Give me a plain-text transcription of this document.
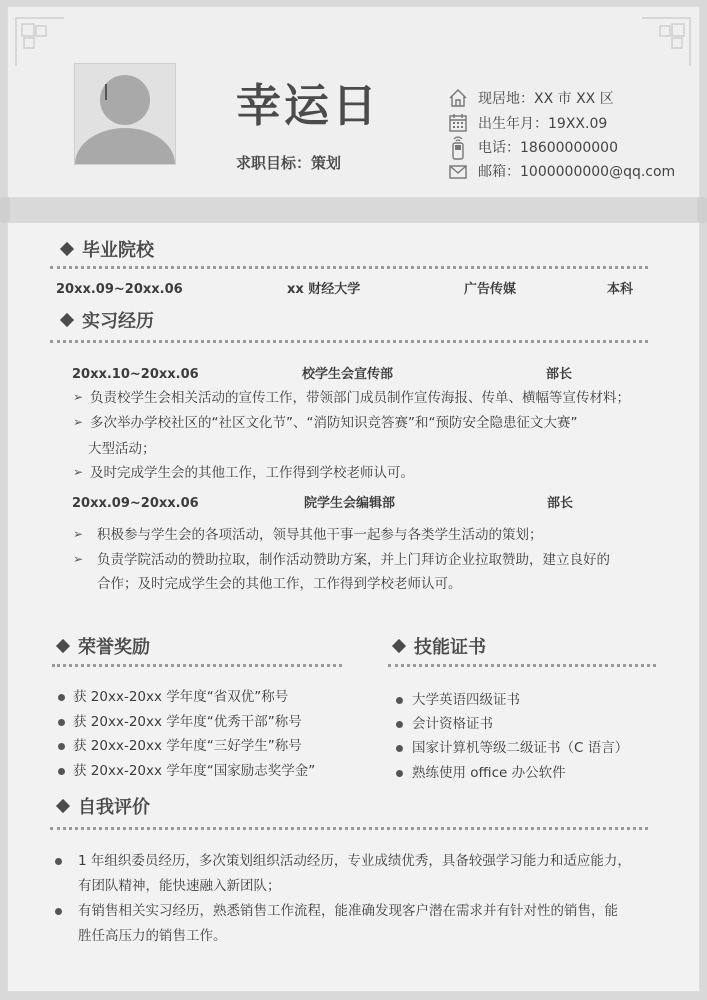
幸运日
求职目标：策划
现居地：XX 市 XX 区
出生年月：19XX.09
电话：18600000000
邮箱：1000000000@qq.com
毕业院校
20xx.09~20xx.06	xx 财经大学	广告传媒	本科
实习经历
20xx.10~20xx.06	校学生会宣传部	部长
➢ 负责校学生会相关活动的宣传工作，带领部门成员制作宣传海报、传单、横幅等宣传材料；
➢ 多次举办学校社区的“社区文化节”、“消防知识竞答赛”和“预防安全隐患征文大赛”
大型活动；
➢ 及时完成学生会的其他工作，工作得到学校老师认可。
20xx.09~20xx.06	院学生会编辑部	部长
➢ 积极参与学生会的各项活动，领导其他干事一起参与各类学生活动的策划；
➢ 负责学院活动的赞助拉取，制作活动赞助方案，并上门拜访企业拉取赞助，建立良好的
合作；及时完成学生会的其他工作，工作得到学校老师认可。
荣誉奖励
获 20xx-20xx 学年度“省双优”称号
获 20xx-20xx 学年度“优秀干部”称号
获 20xx-20xx 学年度“三好学生”称号
获 20xx-20xx 学年度“国家励志奖学金”
技能证书
大学英语四级证书
会计资格证书
国家计算机等级二级证书（C 语言）
熟练使用 office 办公软件
自我评价
1 年组织委员经历，多次策划组织活动经历，专业成绩优秀，具备较强学习能力和适应能力，
有团队精神，能快速融入新团队；
有销售相关实习经历，熟悉销售工作流程，能准确发现客户潜在需求并有针对性的销售，能
胜任高压力的销售工作。
